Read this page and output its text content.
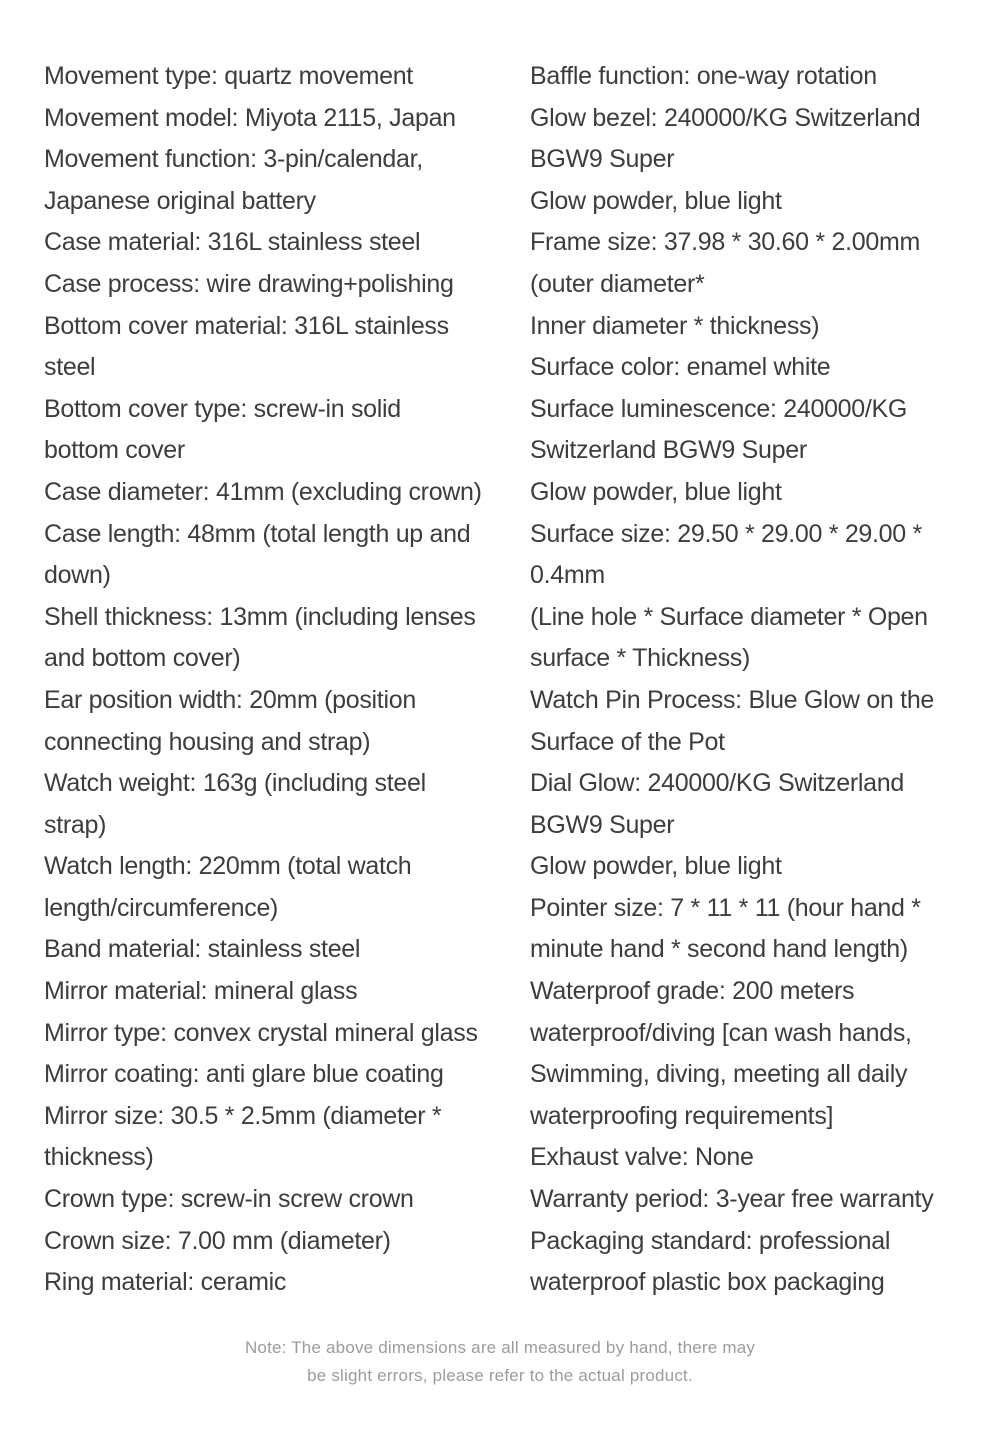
Movement type: quartz movement
Movement model: Miyota 2115, Japan
Movement function: 3-pin/calendar,
Japanese original battery
Case material: 316L stainless steel
Case process: wire drawing+polishing
Bottom cover material: 316L stainless
steel
Bottom cover type: screw-in solid
bottom cover
Case diameter: 41mm (excluding crown)
Case length: 48mm (total length up and
down)
Shell thickness: 13mm (including lenses
and bottom cover)
Ear position width: 20mm (position
connecting housing and strap)
Watch weight: 163g (including steel
strap)
Watch length: 220mm (total watch
length/circumference)
Band material: stainless steel
Mirror material: mineral glass
Mirror type: convex crystal mineral glass
Mirror coating: anti glare blue coating
Mirror size: 30.5 * 2.5mm (diameter *
thickness)
Crown type: screw-in screw crown
Crown size: 7.00 mm (diameter)
Ring material: ceramic
Baffle function: one-way rotation
Glow bezel: 240000/KG Switzerland
BGW9 Super
Glow powder, blue light
Frame size: 37.98 * 30.60 * 2.00mm
(outer diameter*
Inner diameter * thickness)
Surface color: enamel white
Surface luminescence: 240000/KG
Switzerland BGW9 Super
Glow powder, blue light
Surface size: 29.50 * 29.00 * 29.00 *
0.4mm
(Line hole * Surface diameter * Open
surface * Thickness)
Watch Pin Process: Blue Glow on the
Surface of the Pot
Dial Glow: 240000/KG Switzerland
BGW9 Super
Glow powder, blue light
Pointer size: 7 * 11 * 11 (hour hand *
minute hand * second hand length)
Waterproof grade: 200 meters
waterproof/diving [can wash hands,
Swimming, diving, meeting all daily
waterproofing requirements]
Exhaust valve: None
Warranty period: 3-year free warranty
Packaging standard: professional
waterproof plastic box packaging
Note: The above dimensions are all measured by hand, there may
be slight errors, please refer to the actual product.
